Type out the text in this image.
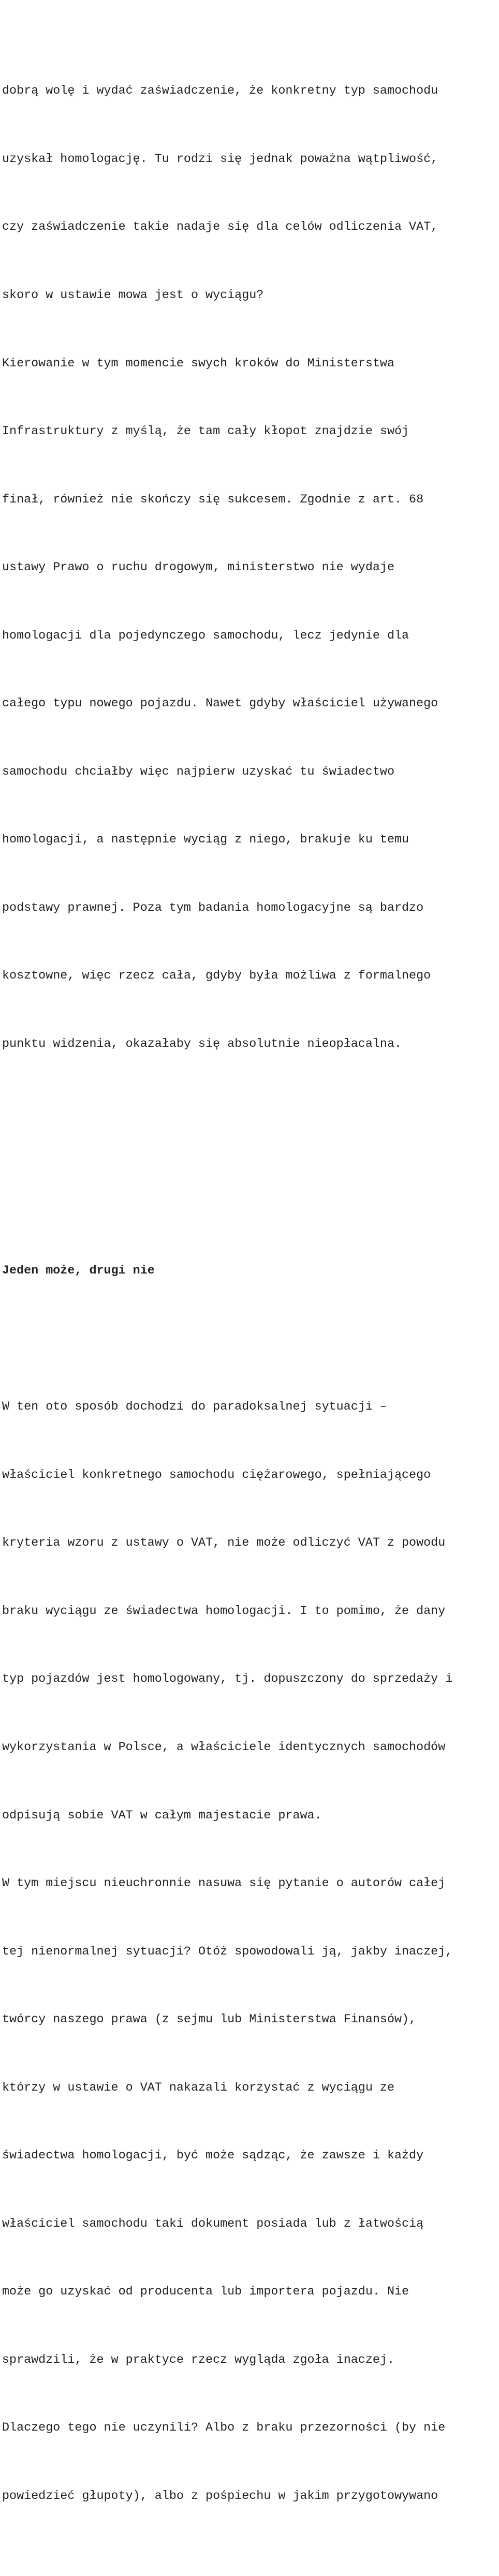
dobrą wolę i wydać zaświadczenie, że konkretny typ samochodu

uzyskał homologację. Tu rodzi się jednak poważna wątpliwość,

czy zaświadczenie takie nadaje się dla celów odliczenia VAT,

skoro w ustawie mowa jest o wyciągu?

Kierowanie w tym momencie swych kroków do Ministerstwa

Infrastruktury z myślą, że tam cały kłopot znajdzie swój

finał, również nie skończy się sukcesem. Zgodnie z art. 68

ustawy Prawo o ruchu drogowym, ministerstwo nie wydaje

homologacji dla pojedynczego samochodu, lecz jedynie dla

całego typu nowego pojazdu. Nawet gdyby właściciel używanego

samochodu chciałby więc najpierw uzyskać tu świadectwo

homologacji, a następnie wyciąg z niego, brakuje ku temu

podstawy prawnej. Poza tym badania homologacyjne są bardzo

kosztowne, więc rzecz cała, gdyby była możliwa z formalnego

punktu widzenia, okazałaby się absolutnie nieopłacalna.

Jeden może, drugi nie

W ten oto sposób dochodzi do paradoksalnej sytuacji –

właściciel konkretnego samochodu ciężarowego, spełniającego

kryteria wzoru z ustawy o VAT, nie może odliczyć VAT z powodu

braku wyciągu ze świadectwa homologacji. I to pomimo, że dany

typ pojazdów jest homologowany, tj. dopuszczony do sprzedaży i

wykorzystania w Polsce, a właściciele identycznych samochodów

odpisują sobie VAT w całym majestacie prawa.

W tym miejscu nieuchronnie nasuwa się pytanie o autorów całej

tej nienormalnej sytuacji? Otóż spowodowali ją, jakby inaczej,

twórcy naszego prawa (z sejmu lub Ministerstwa Finansów),

którzy w ustawie o VAT nakazali korzystać z wyciągu ze

świadectwa homologacji, być może sądząc, że zawsze i każdy

właściciel samochodu taki dokument posiada lub z łatwością

może go uzyskać od producenta lub importera pojazdu. Nie

sprawdzili, że w praktyce rzecz wygląda zgoła inaczej.

Dlaczego tego nie uczynili? Albo z braku przezorności (by nie

powiedzieć głupoty), albo z pośpiechu w jakim przygotowywano
